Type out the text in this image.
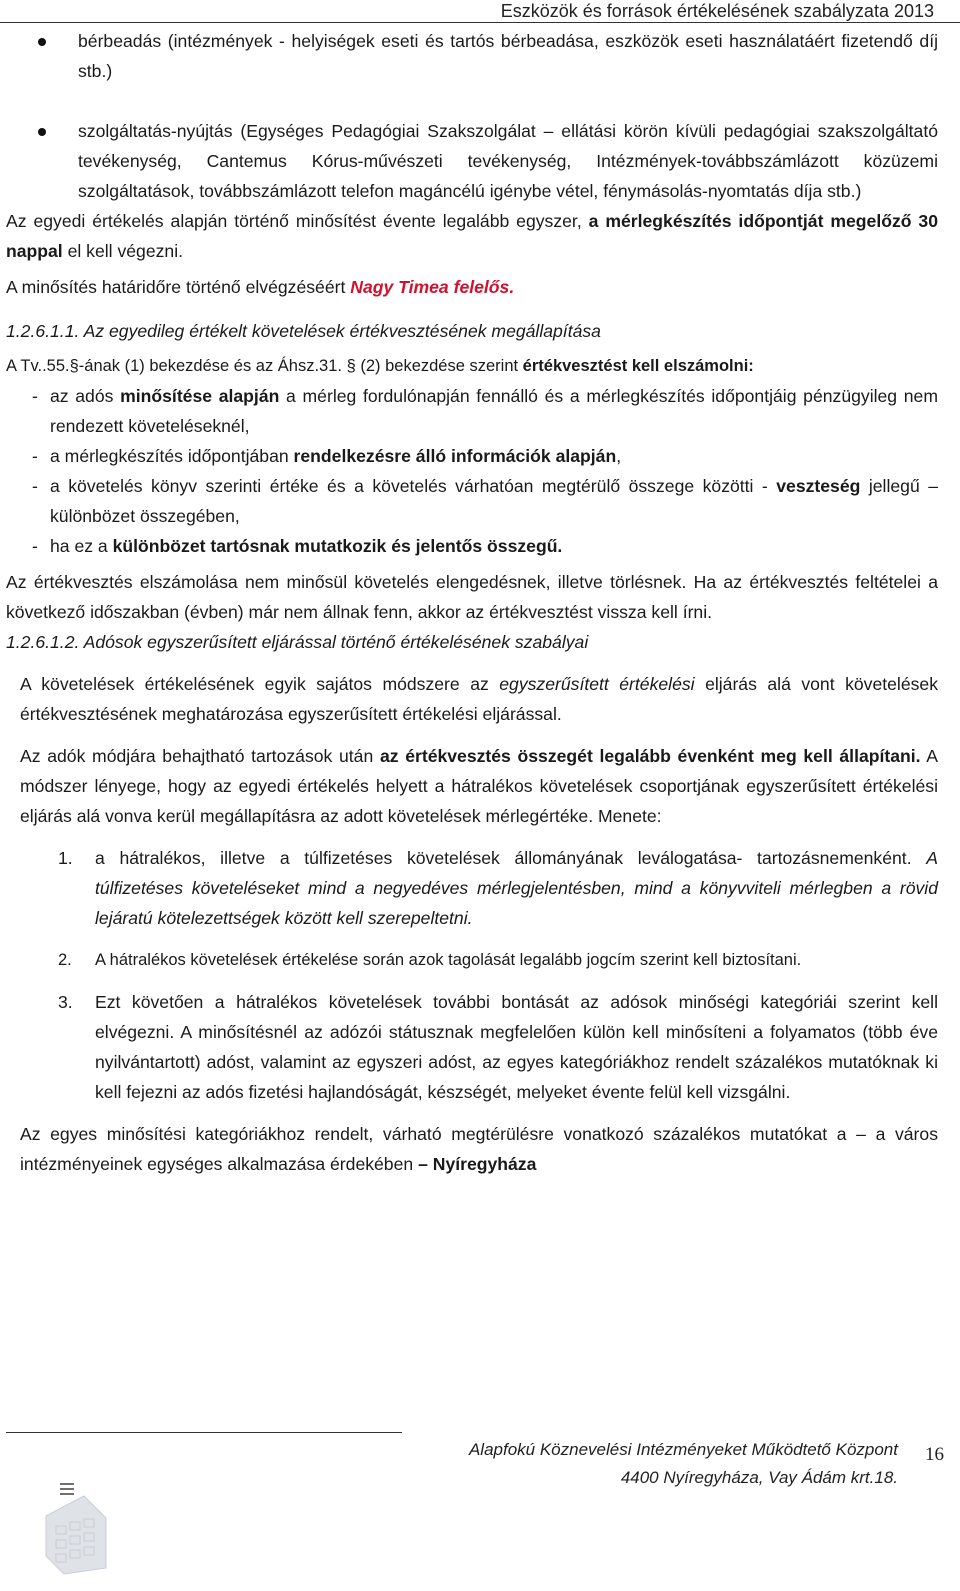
Eszközök és források értékelésének szabályzata 2013

bérbeadás (intézmények - helyiségek eseti és tartós bérbeadása, eszközök eseti használatáért fizetendő díj stb.)

szolgáltatás-nyújtás (Egységes Pedagógiai Szakszolgálat – ellátási körön kívüli pedagógiai szakszolgáltató tevékenység, Cantemus Kórus-művészeti tevékenység, Intézmények-továbbszámlázott közüzemi szolgáltatások, továbbszámlázott telefon magáncélú igénybe vétel, fénymásolás-nyomtatás díja stb.)

Az egyedi értékelés alapján történő minősítést évente legalább egyszer, a mérlegkészítés időpontját megelőző 30 nappal el kell végezni.

A minősítés határidőre történő elvégzéséért Nagy Timea felelős.

1.2.6.1.1. Az egyedileg értékelt követelések értékvesztésének megállapítása

A Tv..55.§-ának (1) bekezdése és az Áhsz.31. § (2) bekezdése szerint értékvesztést kell elszámolni:

- az adós minősítése alapján a mérleg fordulónapján fennálló és a mérlegkészítés időpontjáig pénzügyileg nem rendezett követeléseknél,

- a mérlegkészítés időpontjában rendelkezésre álló információk alapján,

- a követelés könyv szerinti értéke és a követelés várhatóan megtérülő összege közötti - veszteség jellegű – különbözet összegében,

- ha ez a különbözet tartósnak mutatkozik és jelentős összegű.

Az értékvesztés elszámolása nem minősül követelés elengedésnek, illetve törlésnek. Ha az értékvesztés feltételei a következő időszakban (évben) már nem állnak fenn, akkor az értékvesztést vissza kell írni.

1.2.6.1.2. Adósok egyszerűsített eljárással történő értékelésének szabályai

A követelések értékelésének egyik sajátos módszere az egyszerűsített értékelési eljárás alá vont követelések értékvesztésének meghatározása egyszerűsített értékelési eljárással.

Az adók módjára behajtható tartozások után az értékvesztés összegét legalább évenként meg kell állapítani. A módszer lényege, hogy az egyedi értékelés helyett a hátralékos követelések csoportjának egyszerűsített értékelési eljárás alá vonva kerül megállapításra az adott követelések mérlegértéke. Menete:

1. a hátralékos, illetve a túlfizetéses követelések állományának leválogatása- tartozásnemenként. A túlfizetéses követeléseket mind a negyedéves mérlegjelentésben, mind a könyvviteli mérlegben a rövid lejáratú kötelezettségek között kell szerepeltetni.

2. A hátralékos követelések értékelése során azok tagolását legalább jogcím szerint kell biztosítani.

3. Ezt követően a hátralékos követelések további bontását az adósok minőségi kategóriái szerint kell elvégezni. A minősítésnél az adózói státusznak megfelelően külön kell minősíteni a folyamatos (több éve nyilvántartott) adóst, valamint az egyszeri adóst, az egyes kategóriákhoz rendelt százalékos mutatóknak ki kell fejezni az adós fizetési hajlandóságát, készségét, melyeket évente felül kell vizsgálni.

Az egyes minősítési kategóriákhoz rendelt, várható megtérülésre vonatkozó százalékos mutatókat a – a város intézményeinek egységes alkalmazása érdekében – Nyíregyháza

Alapfokú Köznevelési Intézményeket Működtető Központ
4400 Nyíregyháza, Vay Ádám krt.18.
16
